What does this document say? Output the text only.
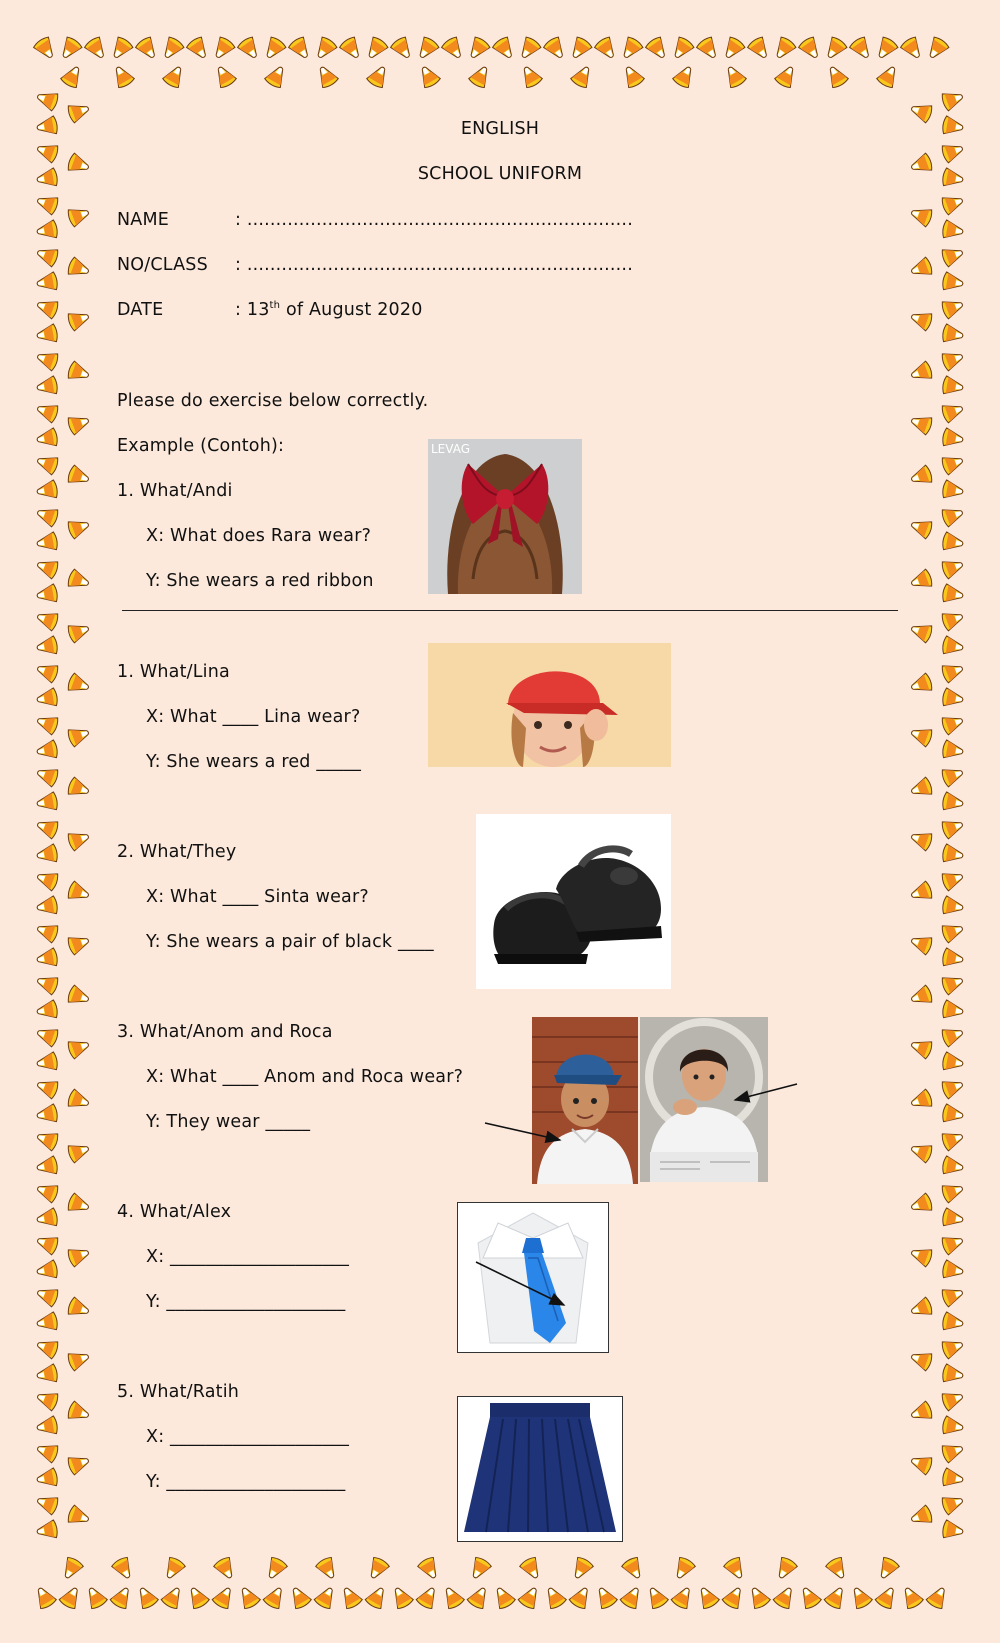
ENGLISH
SCHOOL UNIFORM
NAME	: ...................................................................
NO/CLASS : ...................................................................
DATE	: 13th of August 2020
Please do exercise below correctly.
Example (Contoh):
1. What/Andi
X: What does Rara wear?
Y: She wears a red ribbon
LEVAG
1. What/Lina
X: What ____ Lina wear?
Y: She wears a red _____
2. What/They
X: What ____ Sinta wear?
Y: She wears a pair of black ____
3. What/Anom and Roca
X: What ____ Anom and Roca wear?
Y: They wear _____
4. What/Alex
X: ____________________
Y: ____________________
5. What/Ratih
X: ____________________
Y: ____________________
